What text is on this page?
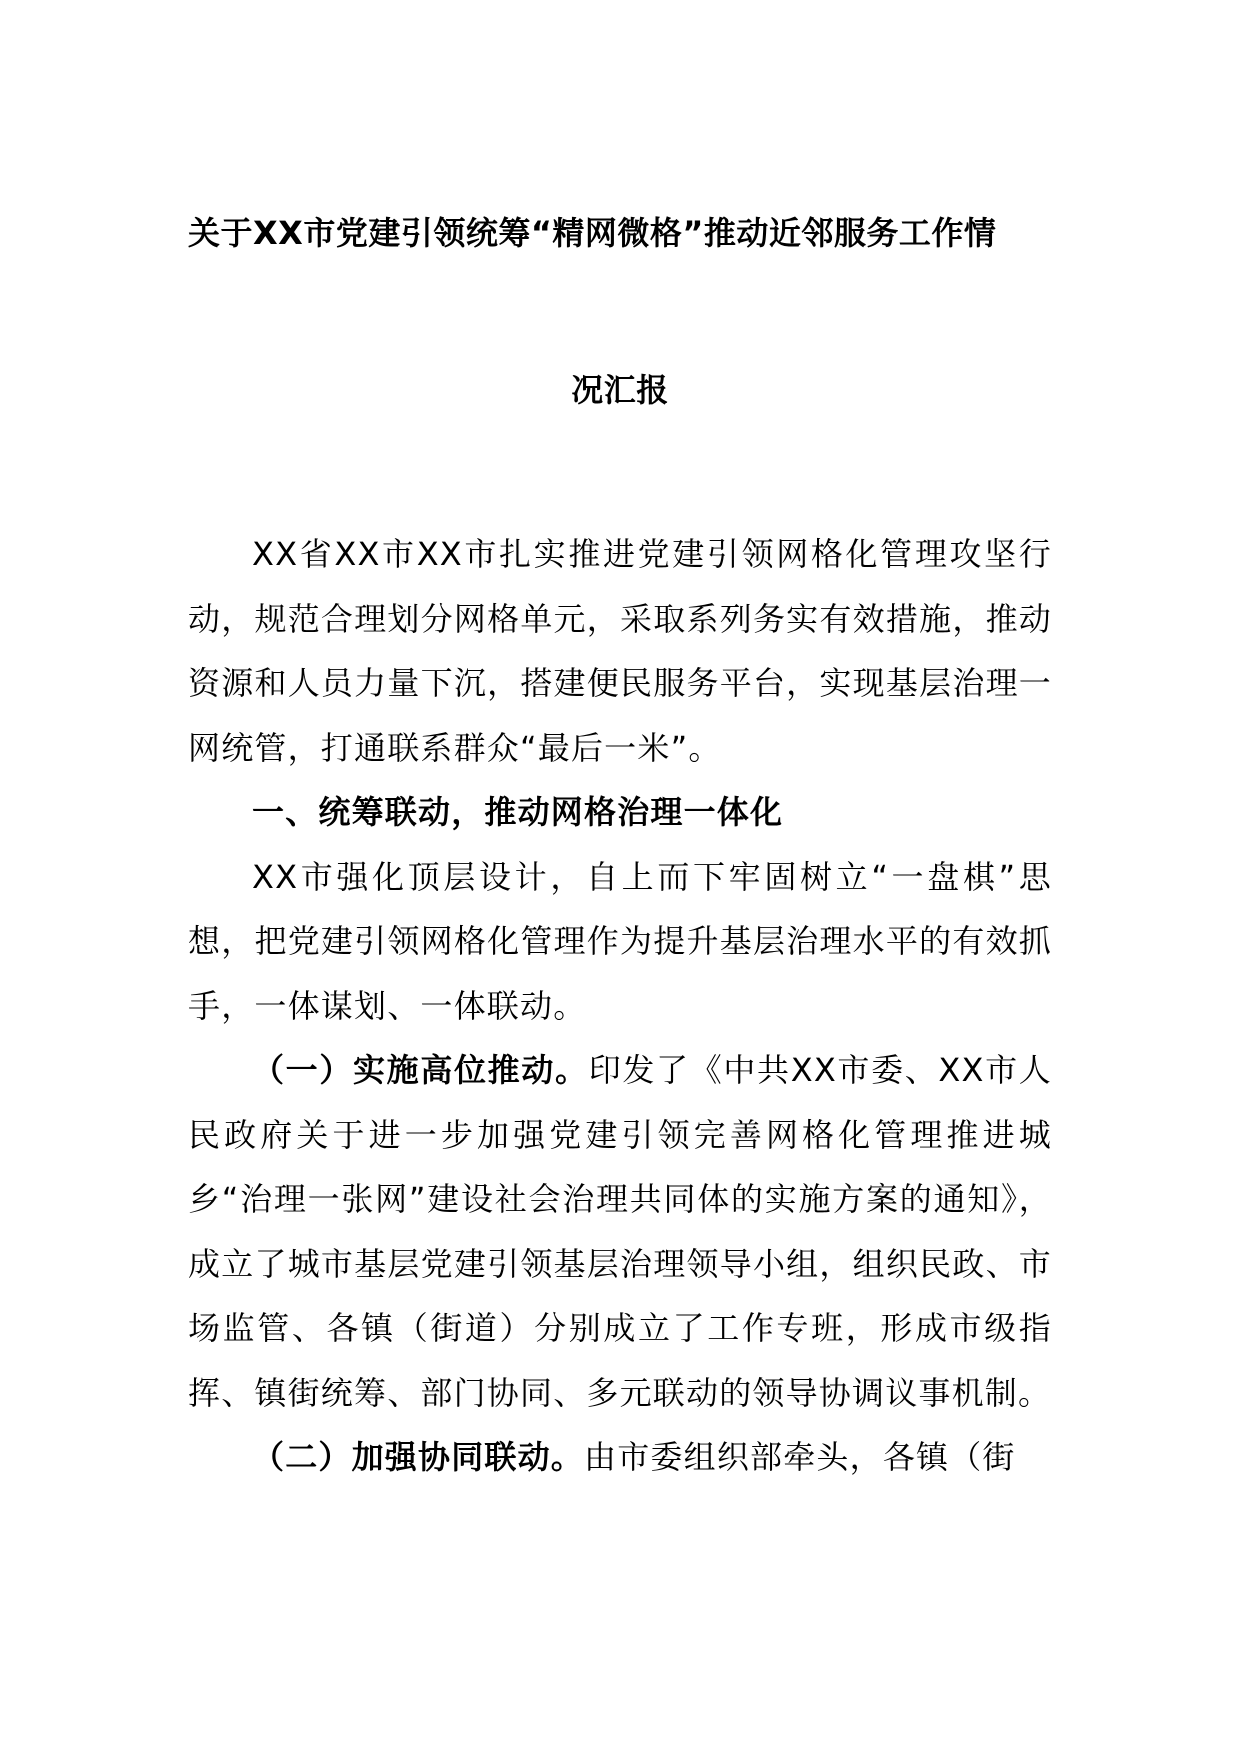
关于XX市党建引领统筹“精网微格”推动近邻服务工作情
况汇报

XX省XX市XX市扎实推进党建引领网格化管理攻坚行动，规范合理划分网格单元，采取系列务实有效措施，推动资源和人员力量下沉，搭建便民服务平台，实现基层治理一网统管，打通联系群众“最后一米”。

一、统筹联动，推动网格治理一体化

XX市强化顶层设计，自上而下牢固树立“一盘棋”思想，把党建引领网格化管理作为提升基层治理水平的有效抓手，一体谋划、一体联动。

（一）实施高位推动。印发了《中共XX市委、XX市人民政府关于进一步加强党建引领完善网格化管理推进城乡“治理一张网”建设社会治理共同体的实施方案的通知》，成立了城市基层党建引领基层治理领导小组，组织民政、市场监管、各镇（街道）分别成立了工作专班，形成市级指挥、镇街统筹、部门协同、多元联动的领导协调议事机制。

（二）加强协同联动。由市委组织部牵头，各镇（街
